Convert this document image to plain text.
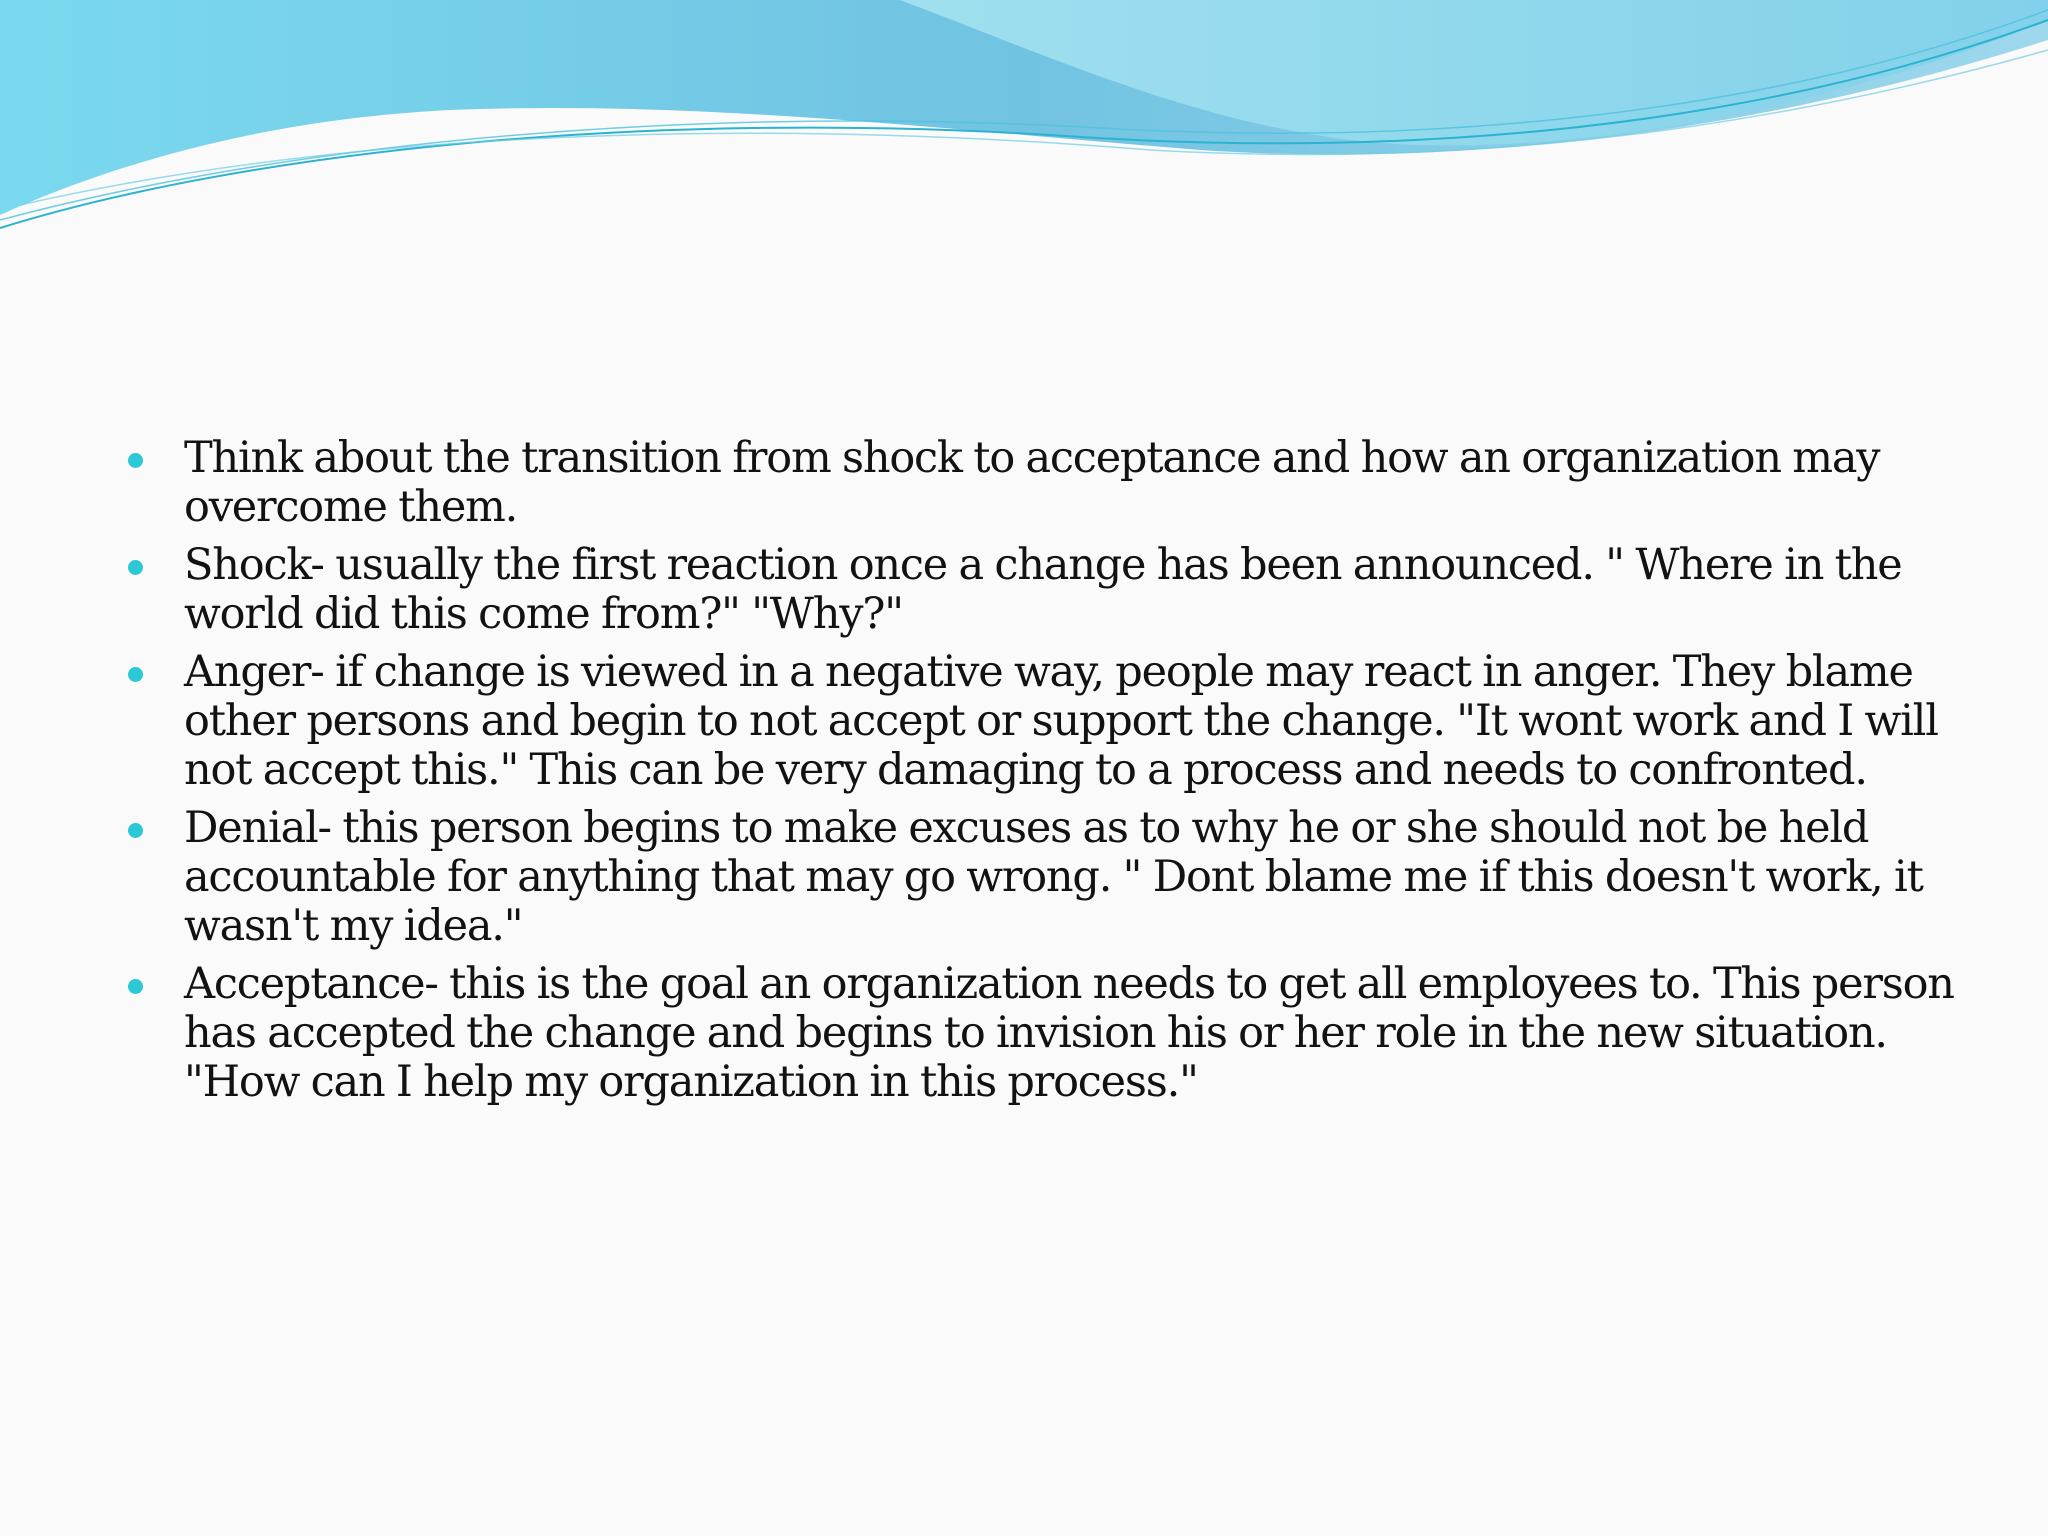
Think about the transition from shock to acceptance and how an organization may overcome them.
Shock- usually the first reaction once a change has been announced. " Where in the world did this come from?" "Why?"
Anger- if change is viewed in a negative way, people may react in anger. They blame other persons and begin to not accept or support the change. "It wont work and I will not accept this." This can be very damaging to a process and needs to confronted.
Denial- this person begins to make excuses as to why he or she should not be held accountable for anything that may go wrong. " Dont blame me if this doesn't work, it wasn't my idea."
Acceptance- this is the goal an organization needs to get all employees to. This person has accepted the change and begins to invision his or her role in the new situation. "How can I help my organization in this process."
